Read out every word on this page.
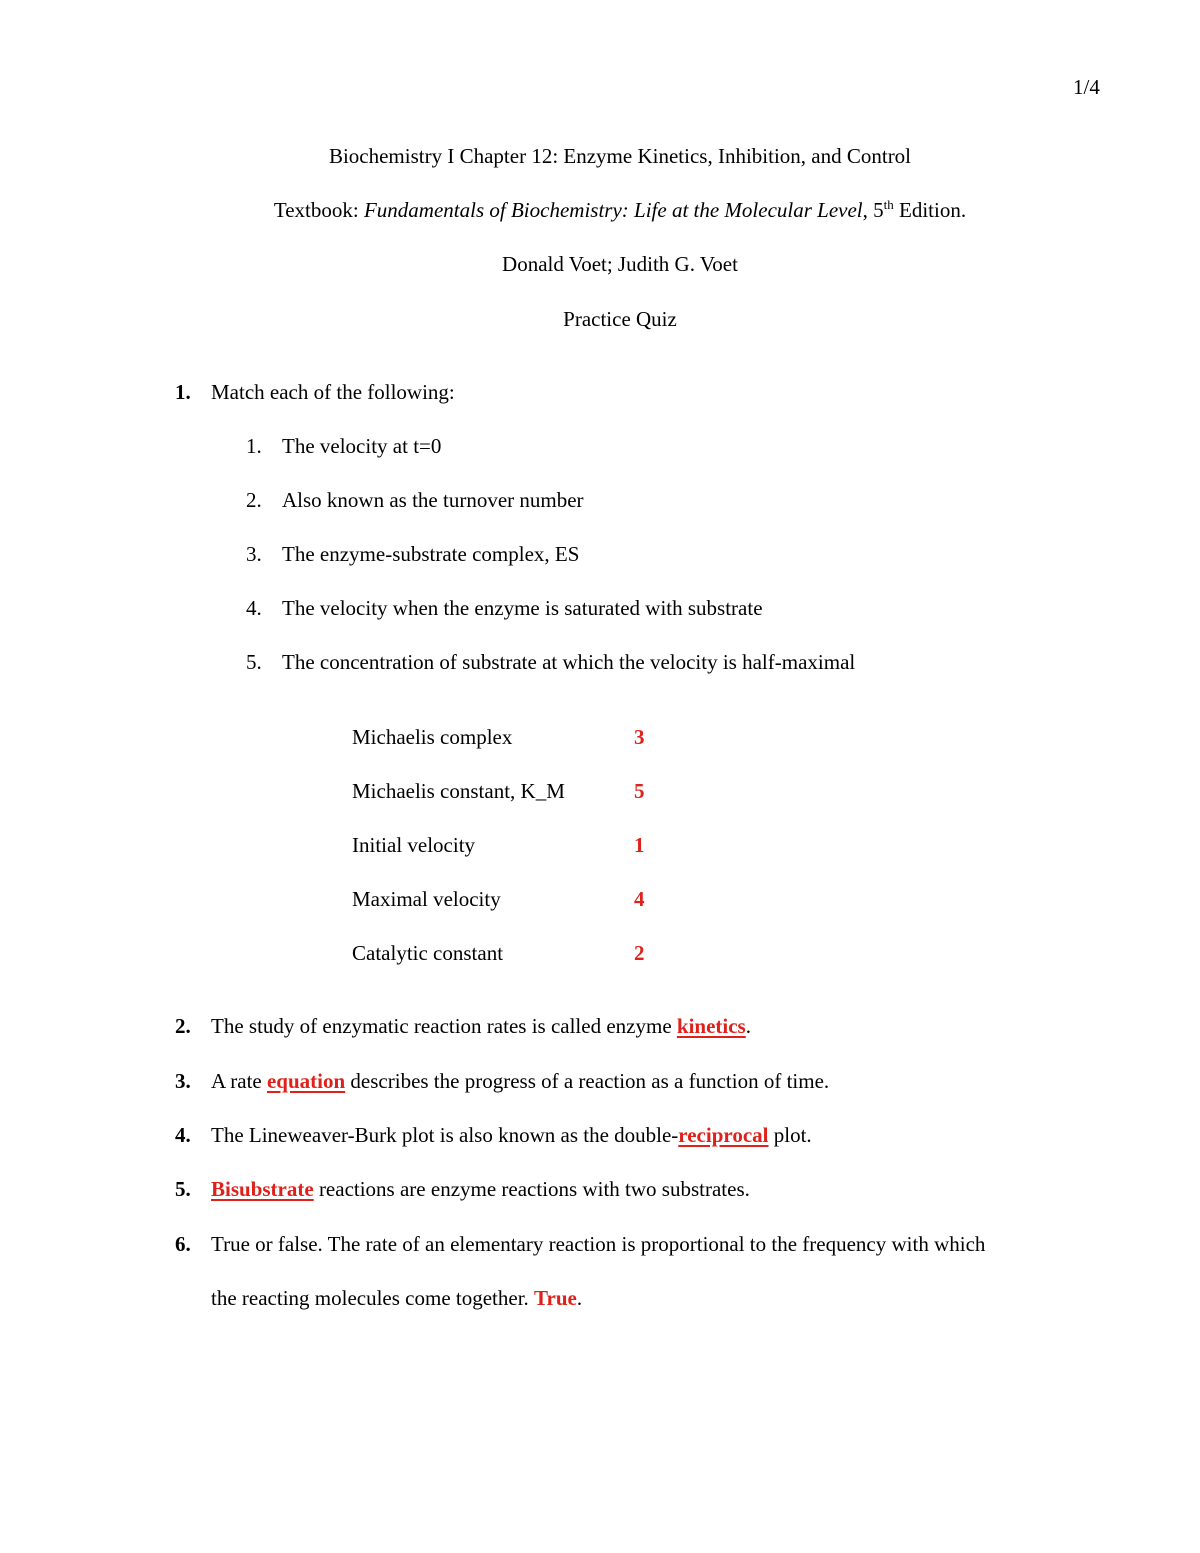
1/4
Biochemistry I Chapter 12: Enzyme Kinetics, Inhibition, and Control
Textbook: Fundamentals of Biochemistry: Life at the Molecular Level, 5th Edition.
Donald Voet; Judith G. Voet
Practice Quiz
1. Match each of the following:
1. The velocity at t=0
2. Also known as the turnover number
3. The enzyme-substrate complex, ES
4. The velocity when the enzyme is saturated with substrate
5. The concentration of substrate at which the velocity is half-maximal
Michaelis complex	3
Michaelis constant, K_M	5
Initial velocity	1
Maximal velocity	4
Catalytic constant	2
2. The study of enzymatic reaction rates is called enzyme kinetics.
3. A rate equation describes the progress of a reaction as a function of time.
4. The Lineweaver-Burk plot is also known as the double-reciprocal plot.
5. Bisubstrate reactions are enzyme reactions with two substrates.
6. True or false. The rate of an elementary reaction is proportional to the frequency with which
the reacting molecules come together. True.
